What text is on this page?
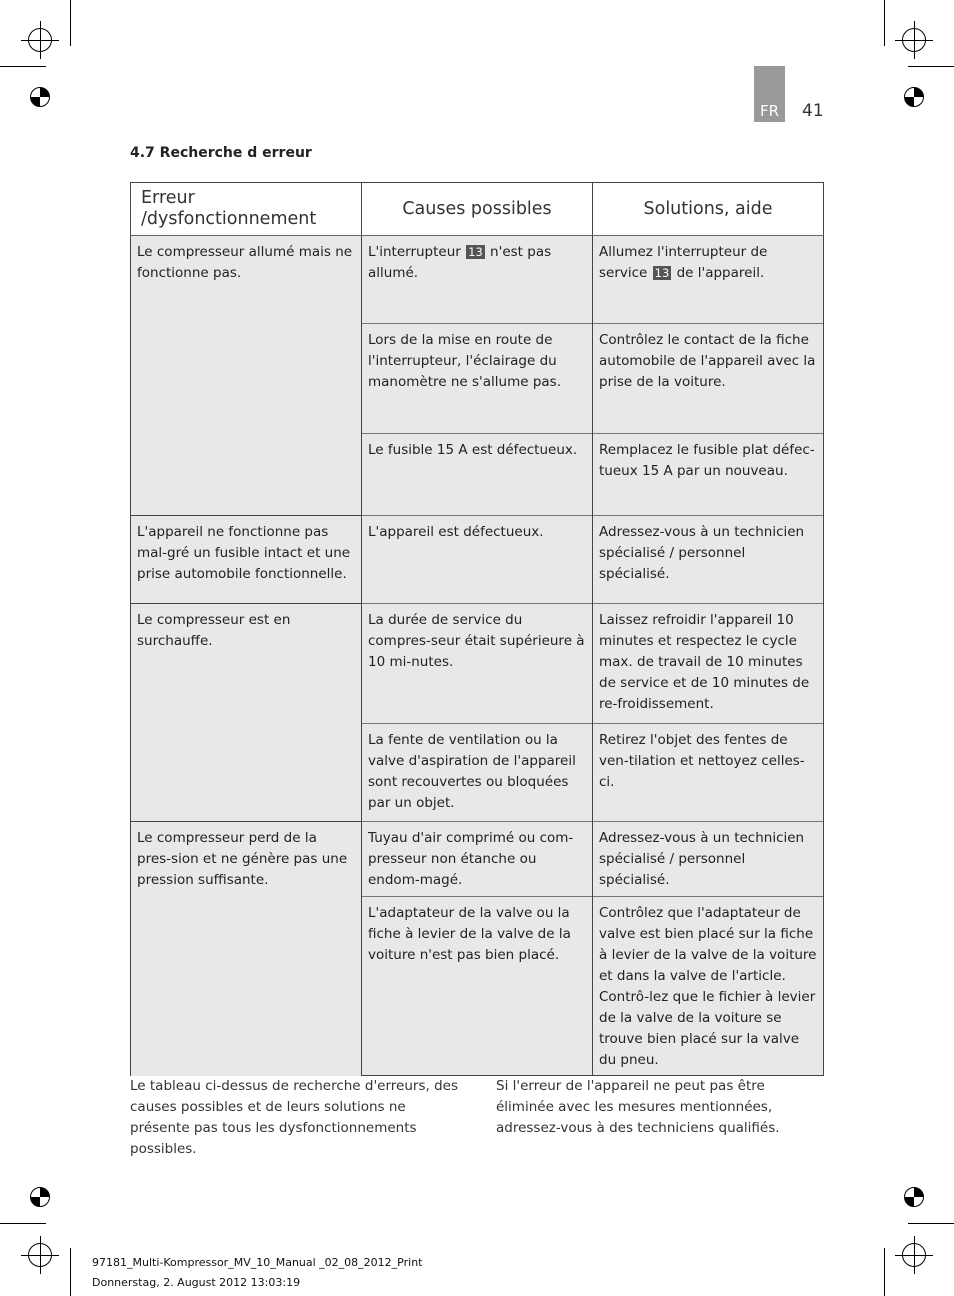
FR 41
4.7 Recherche d erreur
Erreur /dysfonctionnement	Causes possibles	Solutions, aide
Le compresseur allumé mais ne fonctionne pas.	L'interrupteur 13 n'est pas allumé.	Allumez l'interrupteur de service 13 de l'appareil.
	Lors de la mise en route de l'interrupteur, l'éclairage du manomètre ne s'allume pas.	Contrôlez le contact de la fiche automobile de l'appareil avec la prise de la voiture.
	Le fusible 15 A est défectueux.	Remplacez le fusible plat défec-tueux 15 A par un nouveau.
L'appareil ne fonctionne pas mal-gré un fusible intact et une prise automobile fonctionnelle.	L'appareil est défectueux.	Adressez-vous à un technicien spécialisé / personnel spécialisé.
Le compresseur est en surchauffe.	La durée de service du compres-seur était supérieure à 10 mi-nutes.	Laissez refroidir l'appareil 10 minutes et respectez le cycle max. de travail de 10 minutes de service et de 10 minutes de re-froidissement.
	La fente de ventilation ou la valve d'aspiration de l'appareil sont recouvertes ou bloquées par un objet.	Retirez l'objet des fentes de ven-tilation et nettoyez celles-ci.
Le compresseur perd de la pres-sion et ne génère pas une pression suffisante.	Tuyau d'air comprimé ou com-presseur non étanche ou endom-magé.	Adressez-vous à un technicien spécialisé / personnel spécialisé.
	L'adaptateur de la valve ou la fiche à levier de la valve de la voiture n'est pas bien placé.	Contrôlez que l'adaptateur de valve est bien placé sur la fiche à levier de la valve de la voiture et dans la valve de l'article. Contrô-lez que le fichier à levier de la valve de la voiture se trouve bien placé sur la valve du pneu.
Le tableau ci-dessus de recherche d'erreurs, des causes possibles et de leurs solutions ne présente pas tous les dysfonctionnements possibles.
Si l'erreur de l'appareil ne peut pas être éliminée avec les mesures mentionnées, adressez-vous à des techniciens qualifiés.
97181_Multi-Kompressor_MV_10_Manual _02_08_2012_Print
Donnerstag, 2. August 2012 13:03:19
